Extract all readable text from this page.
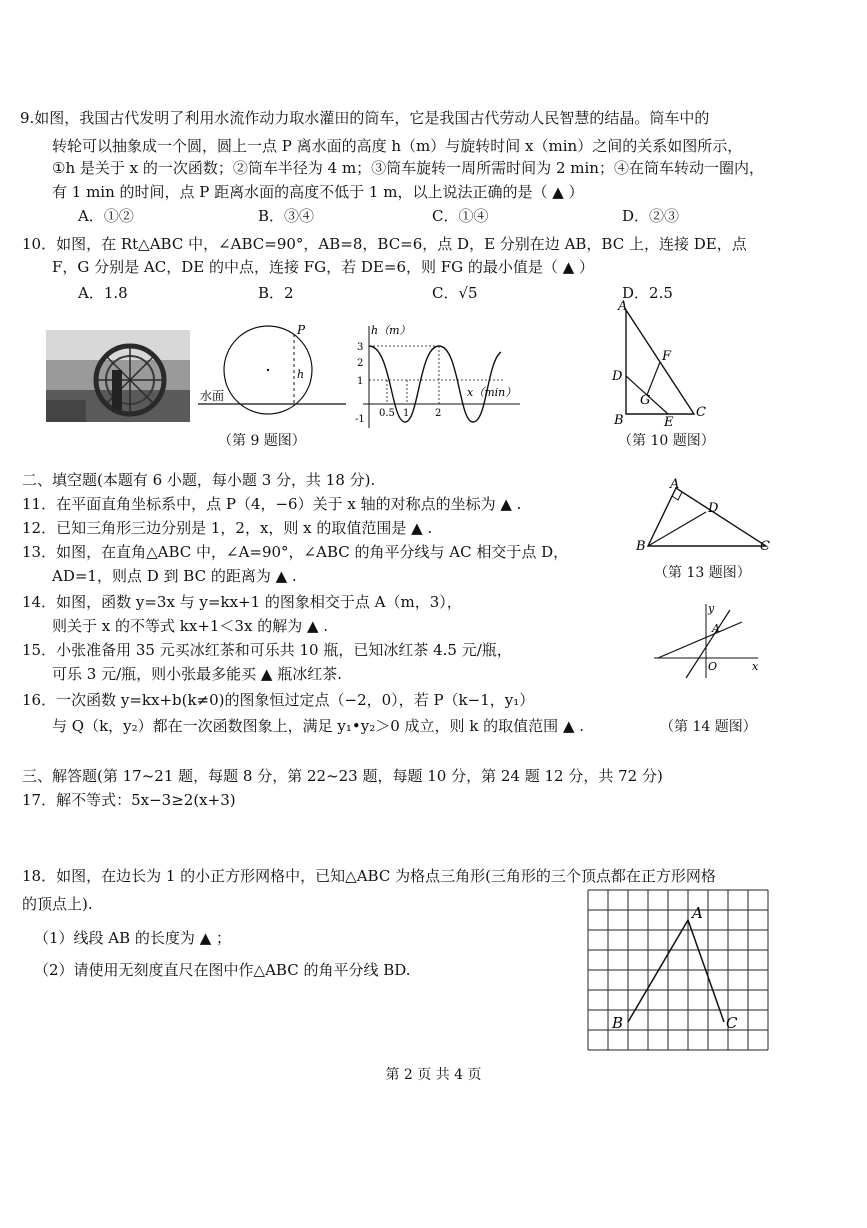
9.如图，我国古代发明了利用水流作动力取水灌田的筒车，它是我国古代劳动人民智慧的结晶。筒车中的
转轮可以抽象成一个圆，圆上一点 P 离水面的高度 h（m）与旋转时间 x（min）之间的关系如图所示，
①h 是关于 x 的一次函数；②筒车半径为 4 m；③筒车旋转一周所需时间为 2 min；④在筒车转动一圈内，
有 1 min 的时间，点 P 距离水面的高度不低于 1 m，以上说法正确的是（ ▲ ）
A．①②	B．③④	C．①④	D．②③
10．如图，在 Rt△ABC 中，∠ABC=90°，AB=8，BC=6，点 D，E 分别在边 AB，BC 上，连接 DE，点
F，G 分别是 AC，DE 的中点，连接 FG，若 DE=6，则 FG 的最小值是（ ▲ ）
A．1.8	B．2	C．√5	D．2.5
P
h
水面
h（m）
x（min）
3
2
1
-1
0.5 1	2
A
D
F
G
B	E
C
（第 9 题图）	（第 10 题图）
二、填空题(本题有 6 小题，每小题 3 分，共 18 分).
11．在平面直角坐标系中，点 P（4，−6）关于 x 轴的对称点的坐标为 ▲ .
12．已知三角形三边分别是 1，2，x，则 x 的取值范围是 ▲ .
13．如图，在直角△ABC 中，∠A=90°，∠ABC 的角平分线与 AC 相交于点 D，
AD=1，则点 D 到 BC 的距离为 ▲ .
14．如图，函数 y=3x 与 y=kx+1 的图象相交于点 A（m，3），
则关于 x 的不等式 kx+1＜3x 的解为 ▲ .
15．小张准备用 35 元买冰红茶和可乐共 10 瓶，已知冰红茶 4.5 元/瓶，
可乐 3 元/瓶，则小张最多能买 ▲ 瓶冰红茶.
16．一次函数 y=kx+b(k≠0)的图象恒过定点（−2，0），若 P（k−1，y₁）
与 Q（k，y₂）都在一次函数图象上，满足 y₁•y₂＞0 成立，则 k 的取值范围 ▲ .
A
D
B	C
（第 13 题图）
y
x
O
A
（第 14 题图）
三、解答题(第 17~21 题，每题 8 分，第 22~23 题，每题 10 分，第 24 题 12 分，共 72 分)
17．解不等式：5x−3≥2(x+3)
18．如图，在边长为 1 的小正方形网格中，已知△ABC 为格点三角形(三角形的三个顶点都在正方形网格
的顶点上).
（1）线段 AB 的长度为 ▲ ；
（2）请使用无刻度直尺在图中作△ABC 的角平分线 BD.
A
B	C
第 2 页 共 4 页
